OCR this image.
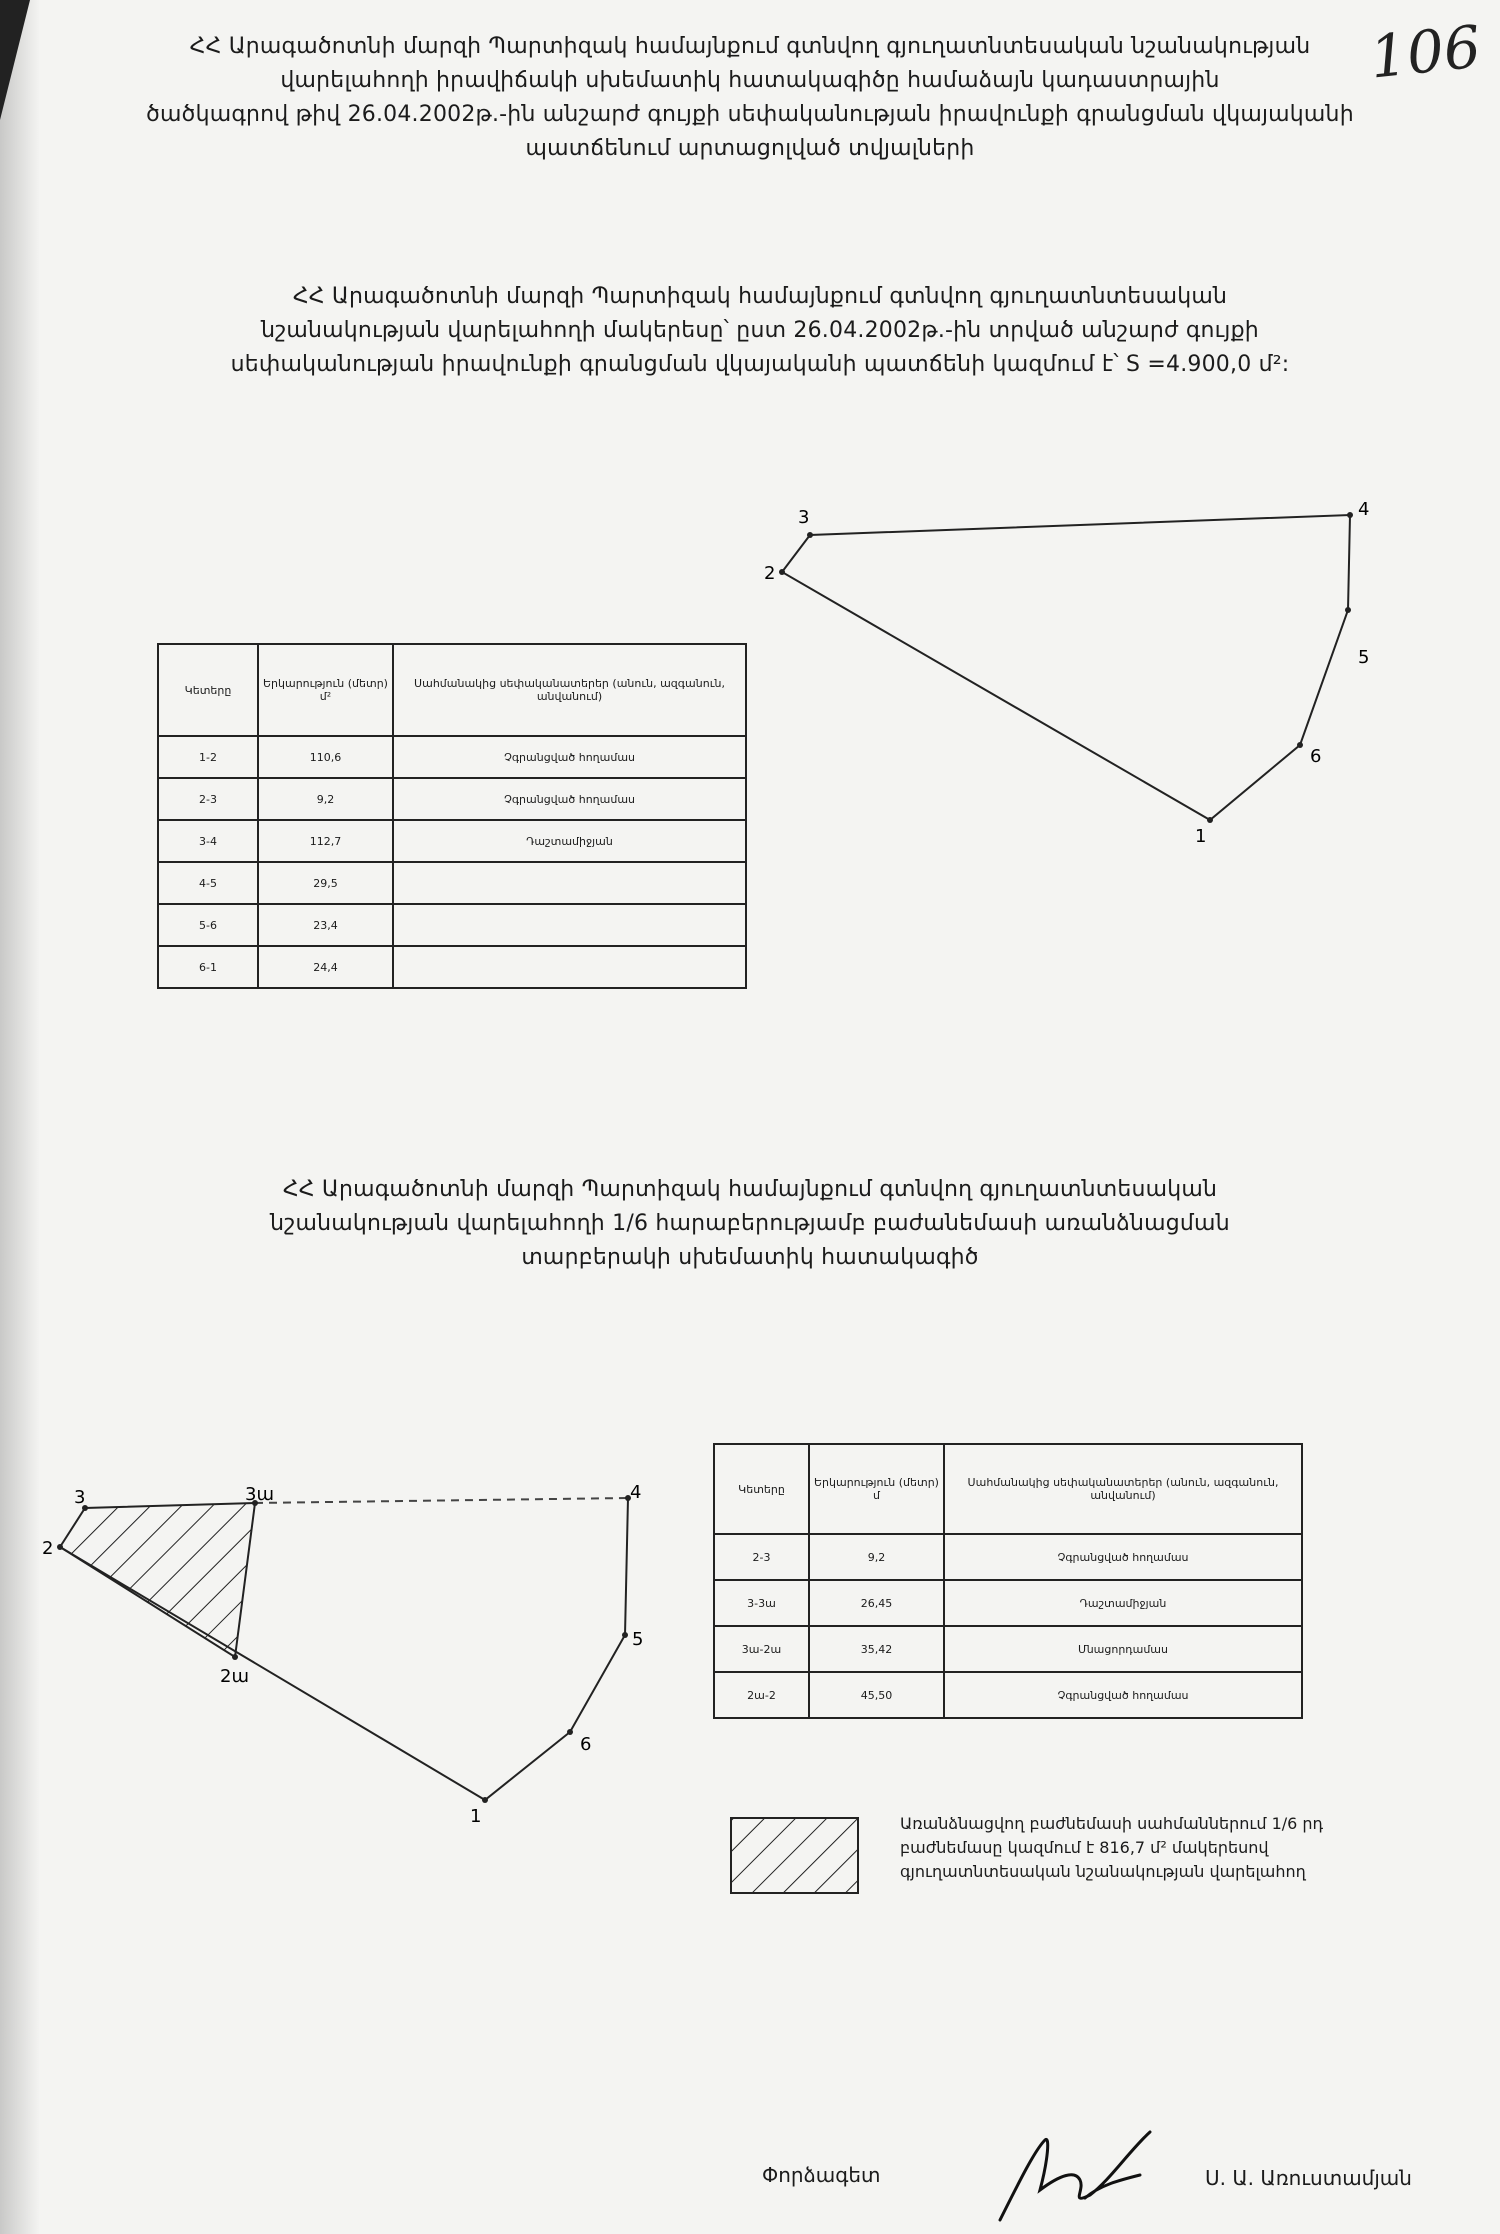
106
ՀՀ Արագածոտնի մարզի Պարտիզակ համայնքում գտնվող գյուղատնտեսական նշանակության
վարելահողի իրավիճակի սխեմատիկ հատակագիծը համաձայն կադաստրային
ծածկագրով թիվ 26.04.2002թ.-ին անշարժ գույքի սեփականության իրավունքի գրանցման վկայականի
պատճենում արտացոլված տվյալների
ՀՀ Արագածոտնի մարզի Պարտիզակ համայնքում գտնվող գյուղատնտեսական
նշանակության վարելահողի մակերեսը՝ ըստ 26.04.2002թ.-ին տրված անշարժ գույքի
սեփականության իրավունքի գրանցման վկայականի պատճենի կազմում է՝ S =4.900,0 մ²:
Կետերը	Երկարություն (մետր) մ²	Սահմանակից սեփականատերեր (անուն, ազգանուն, անվանում)
1-2	110,6	Չգրանցված հողամաս
2-3	9,2	Չգրանցված հողամաս
3-4	112,7	Դաշտամիջյան
4-5	29,5	
5-6	23,4	
6-1	24,4	
1
2
3	4
5
6
ՀՀ Արագածոտնի մարզի Պարտիզակ համայնքում գտնվող գյուղատնտեսական
նշանակության վարելահողի 1/6 հարաբերությամբ բաժանեմասի առանձնացման
տարբերակի սխեմատիկ հատակագիծ
1
2
3	3ա
2ա
4
5
6
Կետերը	Երկարություն (մետր) մ	Սահմանակից սեփականատերեր (անուն, ազգանուն, անվանում)
2-3	9,2	Չգրանցված հողամաս
3-3ա	26,45	Դաշտամիջյան
3ա-2ա	35,42	Մնացորդամաս
2ա-2	45,50	Չգրանցված հողամաս
Առանձնացվող բաժնեմասի սահմաններում 1/6 րդ
բաժնեմասը կազմում է 816,7 մ² մակերեսով
գյուղատնտեսական նշանակության վարելահող
Փորձագետ	Ս. Ա. Առուստամյան
